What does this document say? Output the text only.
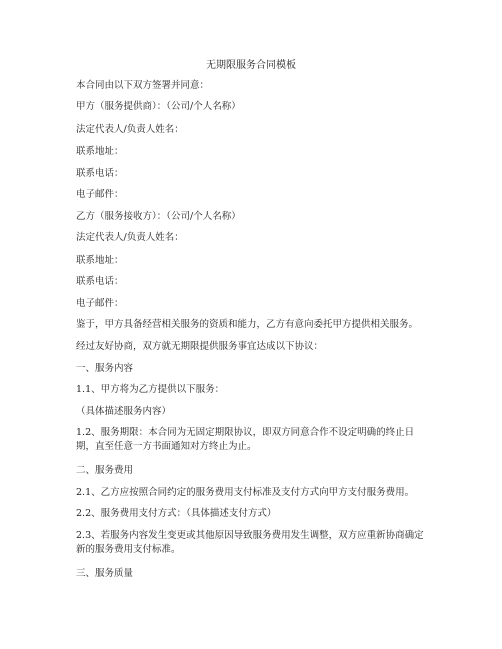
无期限服务合同模板
本合同由以下双方签署并同意：
甲方（服务提供商）：（公司/个人名称）
法定代表人/负责人姓名：
联系地址：
联系电话：
电子邮件：
乙方（服务接收方）：（公司/个人名称）
法定代表人/负责人姓名：
联系地址：
联系电话：
电子邮件：
鉴于，甲方具备经营相关服务的资质和能力，乙方有意向委托甲方提供相关服务。
经过友好协商，双方就无期限提供服务事宜达成以下协议：
一、服务内容
1.1、甲方将为乙方提供以下服务：
（具体描述服务内容）
1.2、服务期限：本合同为无固定期限协议，即双方同意合作不设定明确的终止日期，直至任意一方书面通知对方终止为止。
二、服务费用
2.1、乙方应按照合同约定的服务费用支付标准及支付方式向甲方支付服务费用。
2.2、服务费用支付方式：（具体描述支付方式）
2.3、若服务内容发生变更或其他原因导致服务费用发生调整，双方应重新协商确定新的服务费用支付标准。
三、服务质量
